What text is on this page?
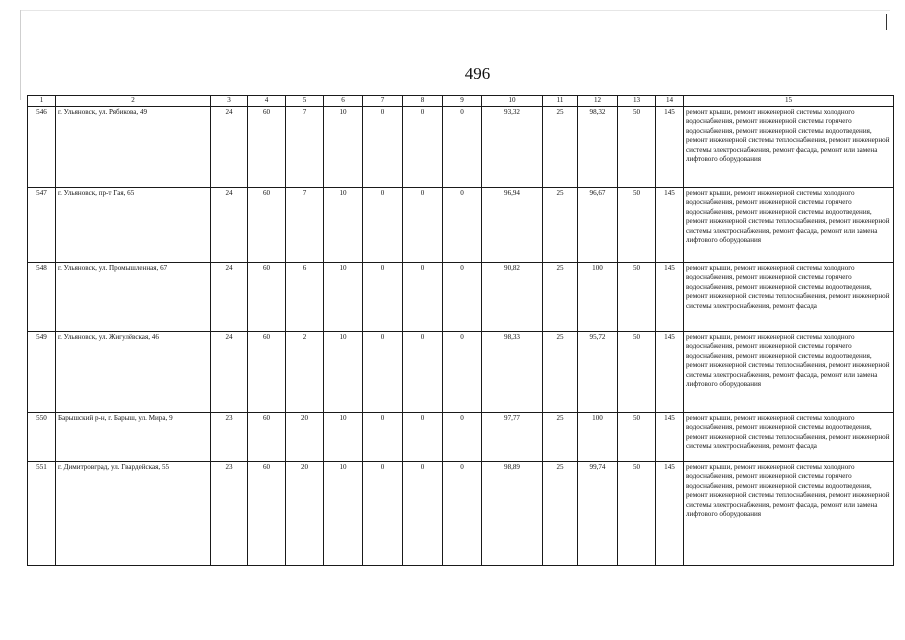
496
1	2	3	4	5	6	7	8	9	10	11	12	13	14	15
546	г. Ульяновск, ул. Рябикова, 49	24	60	7	10	0	0	0	93,32	25	98,32	50	145	ремонт крыши, ремонт инженерной системы холодного водоснабжения, ремонт инженерной системы горячего водоснабжения, ремонт инженерной системы водоотведения, ремонт инженерной системы теплоснабжения, ремонт инженерной системы электроснабжения, ремонт фасада, ремонт или замена лифтового оборудования
547	г. Ульяновск, пр-т Гая, 65	24	60	7	10	0	0	0	96,94	25	96,67	50	145	ремонт крыши, ремонт инженерной системы холодного водоснабжения, ремонт инженерной системы горячего водоснабжения, ремонт инженерной системы водоотведения, ремонт инженерной системы теплоснабжения, ремонт инженерной системы электроснабжения, ремонт фасада, ремонт или замена лифтового оборудования
548	г. Ульяновск, ул. Промышленная, 67	24	60	6	10	0	0	0	90,82	25	100	50	145	ремонт крыши, ремонт инженерной системы холодного водоснабжения, ремонт инженерной системы горячего водоснабжения, ремонт инженерной системы водоотведения, ремонт инженерной системы теплоснабжения, ремонт инженерной системы электроснабжения, ремонт фасада
549	г. Ульяновск, ул. Жигулёвская, 46	24	60	2	10	0	0	0	98,33	25	95,72	50	145	ремонт крыши, ремонт инженерной системы холодного водоснабжения, ремонт инженерной системы горячего водоснабжения, ремонт инженерной системы водоотведения, ремонт инженерной системы теплоснабжения, ремонт инженерной системы электроснабжения, ремонт фасада, ремонт или замена лифтового оборудования
550	Барышский р-н, г. Барыш, ул. Мира, 9	23	60	20	10	0	0	0	97,77	25	100	50	145	ремонт крыши, ремонт инженерной системы холодного водоснабжения, ремонт инженерной системы водоотведения, ремонт инженерной системы теплоснабжения, ремонт инженерной системы электроснабжения, ремонт фасада
551	г. Димитровград, ул. Гвардейская, 55	23	60	20	10	0	0	0	98,89	25	99,74	50	145	ремонт крыши, ремонт инженерной системы холодного водоснабжения, ремонт инженерной системы горячего водоснабжения, ремонт инженерной системы водоотведения, ремонт инженерной системы теплоснабжения, ремонт инженерной системы электроснабжения, ремонт фасада, ремонт или замена лифтового оборудования
